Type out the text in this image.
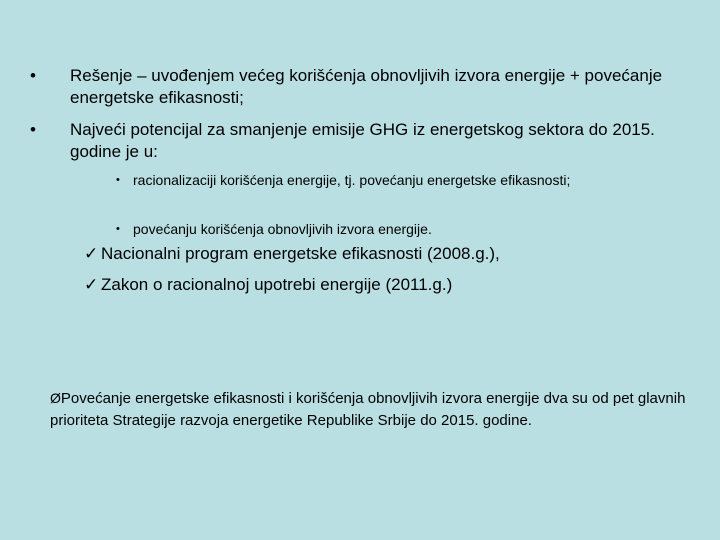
• Rešenje – uvođenjem većeg korišćenja obnovljivih izvora energije + povećanje energetske efikasnosti;
• Najveći potencijal za smanjenje emisije GHG iz energetskog sektora do 2015. godine je u:
• racionalizaciji korišćenja energije, tj. povećanju energetske efikasnosti;
• povećanju korišćenja obnovljivih izvora energije.
✓ Nacionalni program energetske efikasnosti (2008.g.),
✓ Zakon o racionalnoj upotrebi energije (2011.g.)
ØPovećanje energetske efikasnosti i korišćenja obnovljivih izvora energije dva su od pet glavnih prioriteta Strategije razvoja energetike Republike Srbije do 2015. godine.
